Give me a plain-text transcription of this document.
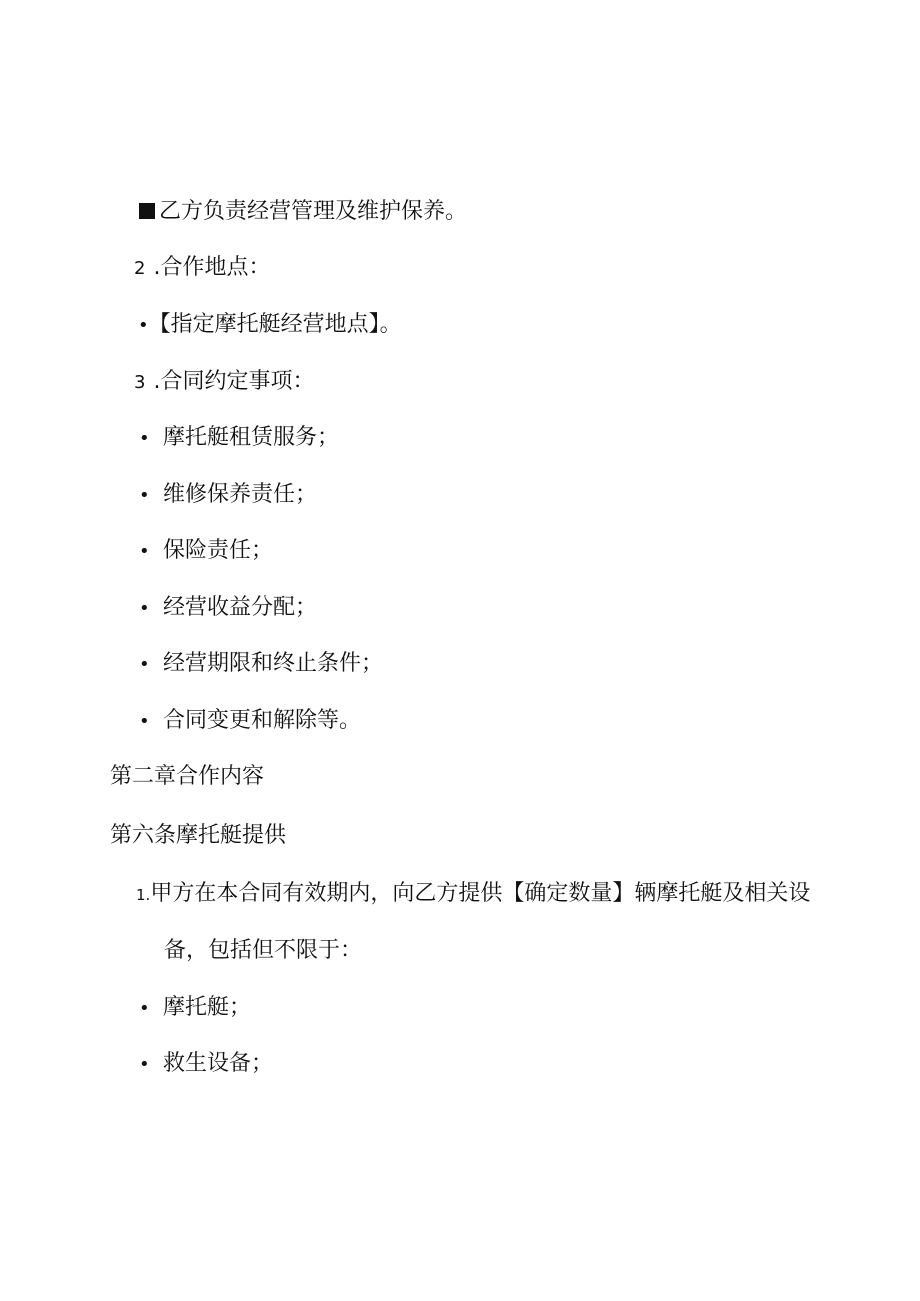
乙方负责经营管理及维护保养。
2 .合作地点：
•【指定摩托艇经营地点】。
3 .合同约定事项：
• 摩托艇租赁服务；
• 维修保养责任；
• 保险责任；
• 经营收益分配；
• 经营期限和终止条件；
• 合同变更和解除等。
第二章合作内容
第六条摩托艇提供
1.甲方在本合同有效期内，向乙方提供【确定数量】辆摩托艇及相关设
备，包括但不限于：
• 摩托艇；
• 救生设备；
